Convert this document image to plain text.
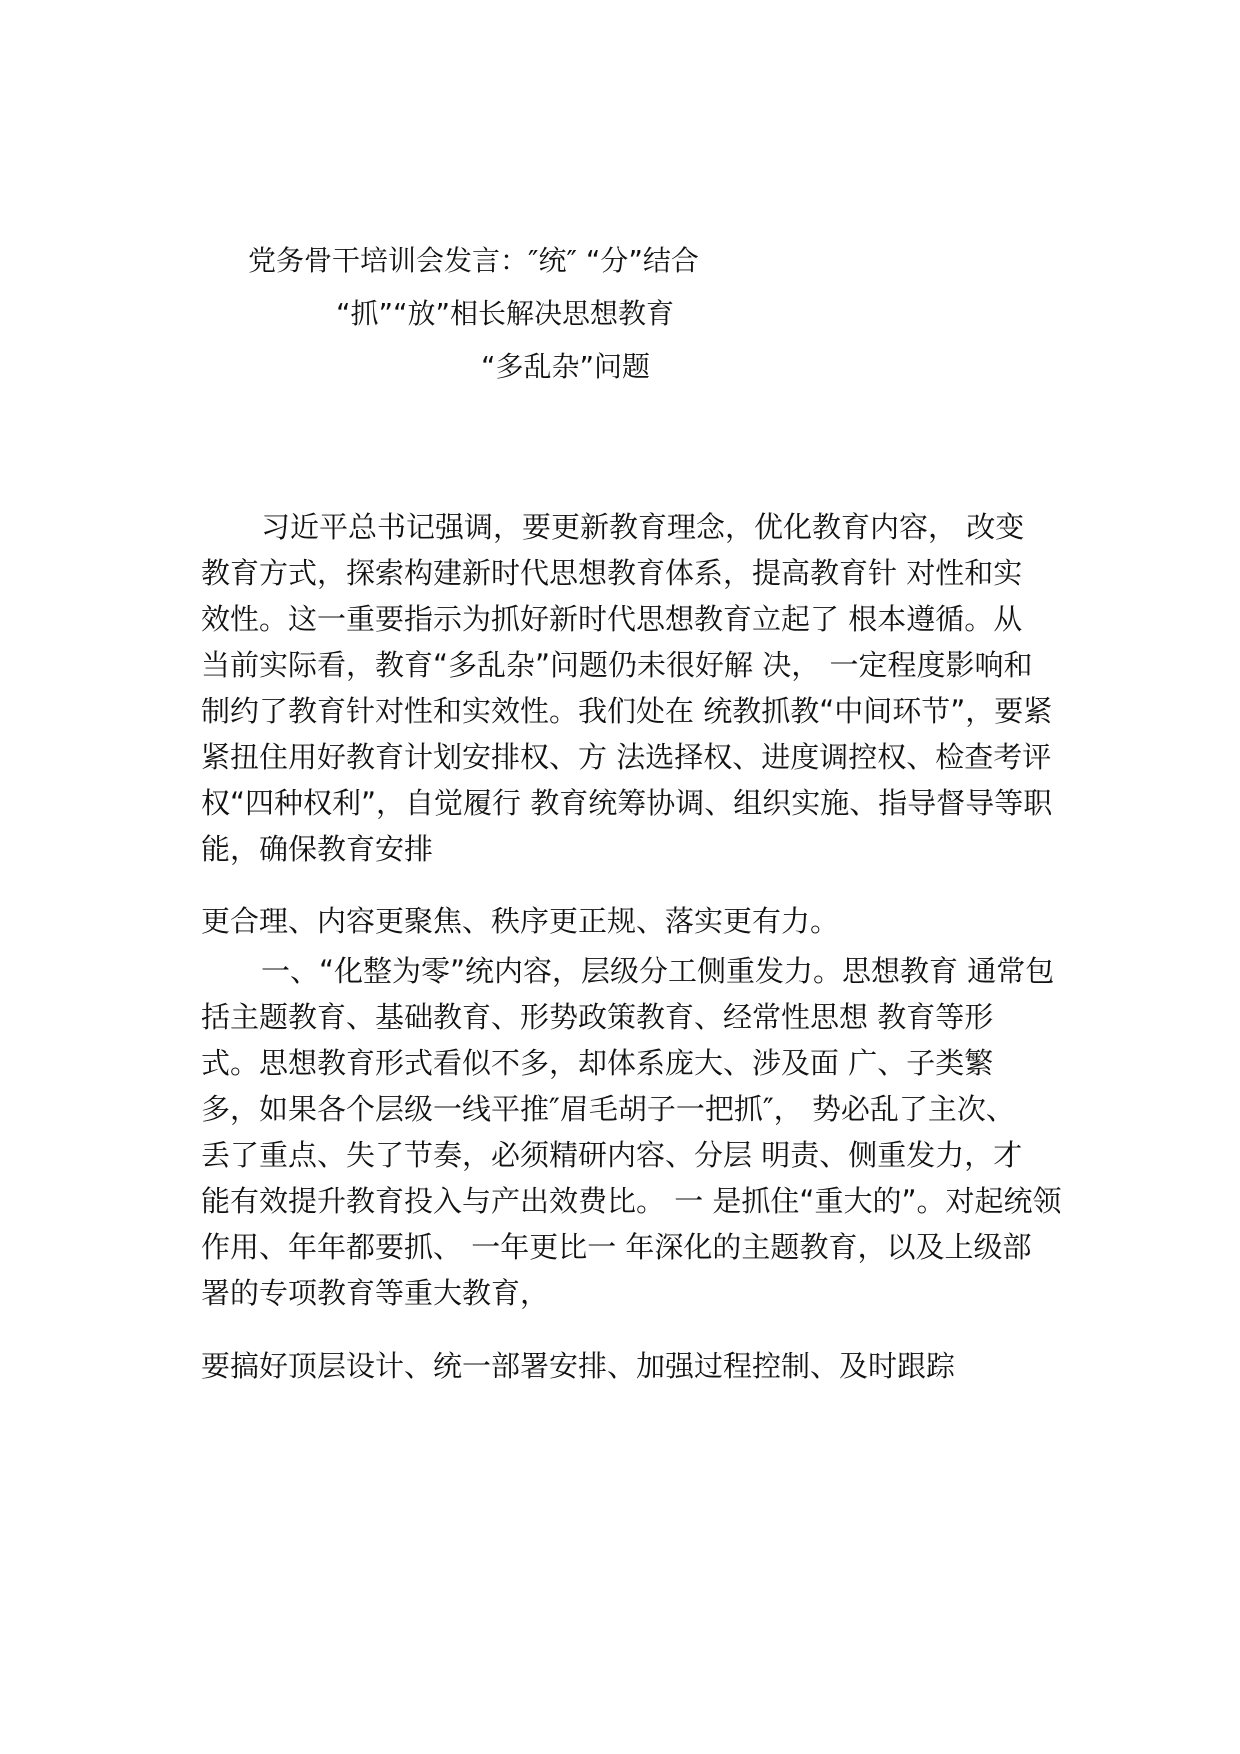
党务骨干培训会发言：″统″ “分”结合
“抓”“放”相长解决思想教育
“多乱杂”问题
习近平总书记强调，要更新教育理念，优化教育内容， 改变
教育方式，探索构建新时代思想教育体系，提高教育针 对性和实
效性。这一重要指示为抓好新时代思想教育立起了 根本遵循。从
当前实际看，教育“多乱杂”问题仍未很好解 决， 一定程度影响和
制约了教育针对性和实效性。我们处在 统教抓教“中间环节”，要紧
紧扭住用好教育计划安排权、方 法选择权、进度调控权、检查考评
权“四种权利”，自觉履行 教育统筹协调、组织实施、指导督导等职
能，确保教育安排
更合理、内容更聚焦、秩序更正规、落实更有力。
一、“化整为零”统内容，层级分工侧重发力。思想教育 通常包
括主题教育、基础教育、形势政策教育、经常性思想 教育等形
式。思想教育形式看似不多，却体系庞大、涉及面 广、子类繁
多，如果各个层级一线平推″眉毛胡子一把抓″， 势必乱了主次、
丢了重点、失了节奏，必须精研内容、分层 明责、侧重发力，才
能有效提升教育投入与产出效费比。 一 是抓住“重大的”。对起统领
作用、年年都要抓、 一年更比一 年深化的主题教育，以及上级部
署的专项教育等重大教育，
要搞好顶层设计、统一部署安排、加强过程控制、及时跟踪
